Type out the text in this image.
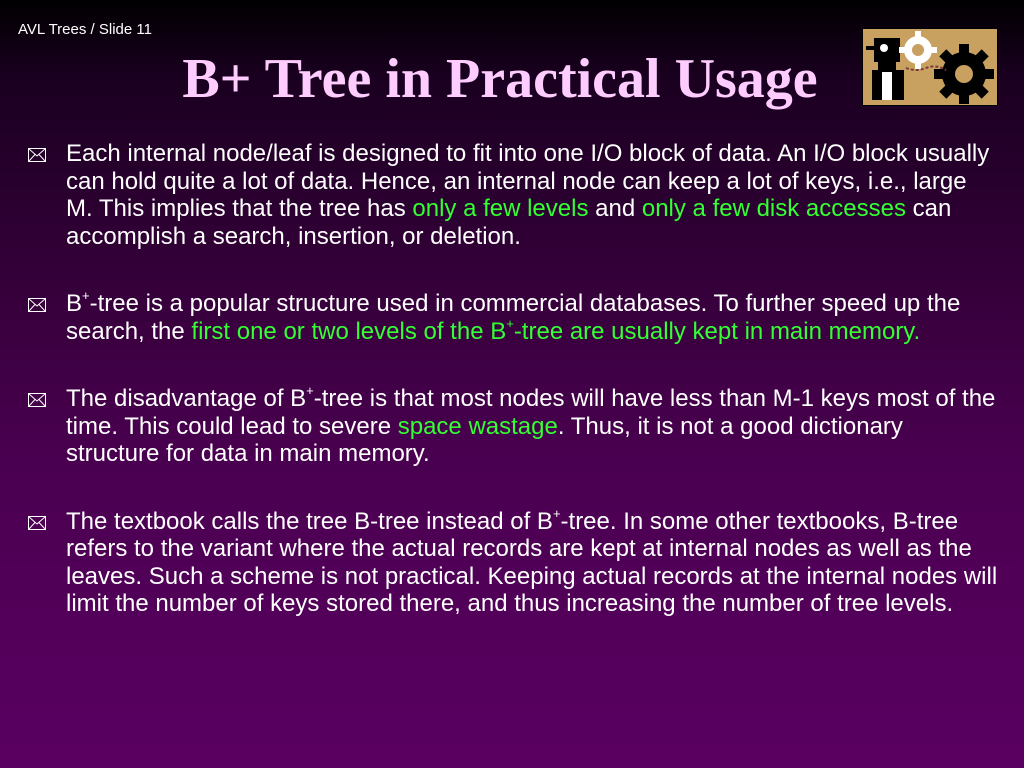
AVL Trees / Slide 11
B+ Tree in Practical Usage
Each internal node/leaf is designed to fit into one I/O block of data. An I/O block usually can hold quite a lot of data. Hence, an internal node can keep a lot of keys, i.e., large M. This implies that the tree has only a few levels and only a few disk accesses can accomplish a search, insertion, or deletion.
B+-tree is a popular structure used in commercial databases. To further speed up the search, the first one or two levels of the B+-tree are usually kept in main memory.
The disadvantage of B+-tree is that most nodes will have less than M-1 keys most of the time. This could lead to severe space wastage. Thus, it is not a good dictionary structure for data in main memory.
The textbook calls the tree B-tree instead of B+-tree. In some other textbooks, B-tree refers to the variant where the actual records are kept at internal nodes as well as the leaves. Such a scheme is not practical. Keeping actual records at the internal nodes will limit the number of keys stored there, and thus increasing the number of tree levels.
